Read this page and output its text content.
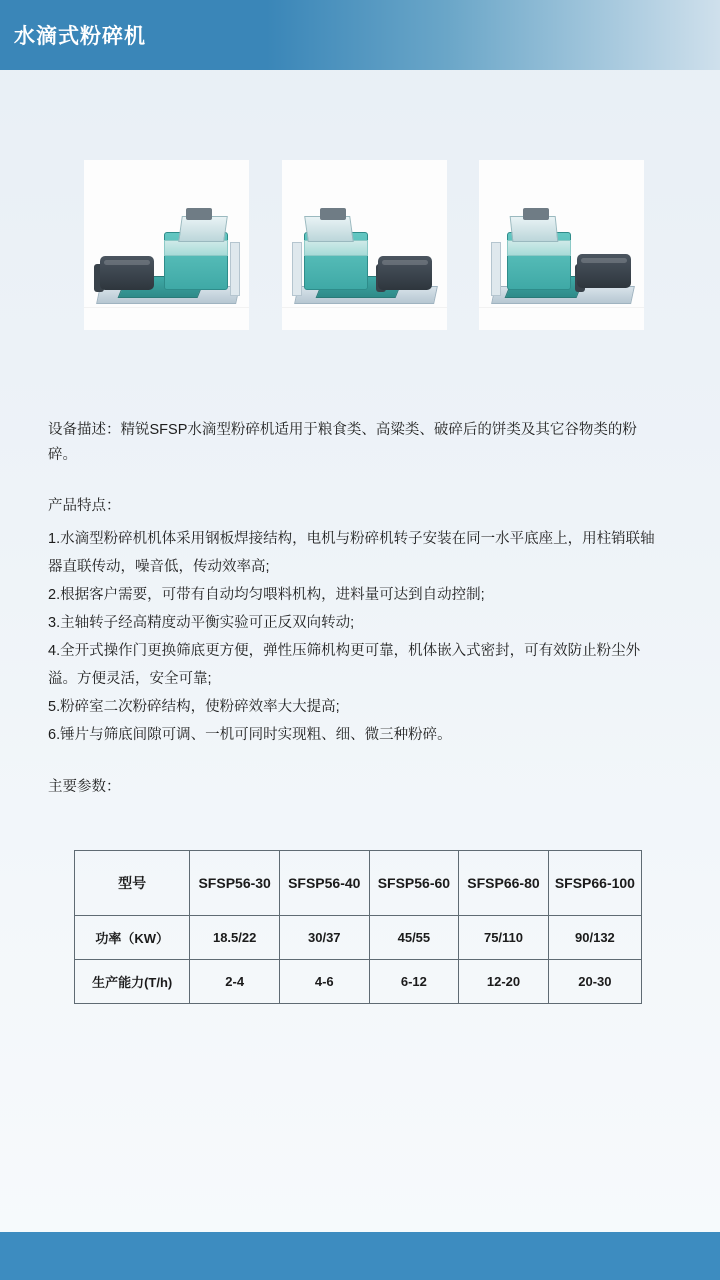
水滴式粉碎机

设备描述：精锐SFSP水滴型粉碎机适用于粮食类、高粱类、破碎后的饼类及其它谷物类的粉碎。

产品特点：

1.水滴型粉碎机机体采用钢板焊接结构，电机与粉碎机转子安装在同一水平底座上，用柱销联轴器直联传动，噪音低，传动效率高;

2.根据客户需要，可带有自动均匀喂料机构，进料量可达到自动控制;

3.主轴转子经高精度动平衡实验可正反双向转动;

4.全开式操作门更换筛底更方便，弹性压筛机构更可靠，机体嵌入式密封，可有效防止粉尘外溢。方便灵活，安全可靠;

5.粉碎室二次粉碎结构，使粉碎效率大大提高;

6.锤片与筛底间隙可调、一机可同时实现粗、细、微三种粉碎。

主要参数：

型号	SFSP56-30	SFSP56-40	SFSP56-60	SFSP66-80	SFSP66-100
功率（KW）	18.5/22	30/37	45/55	75/110	90/132
生产能力(T/h)	2-4	4-6	6-12	12-20	20-30
